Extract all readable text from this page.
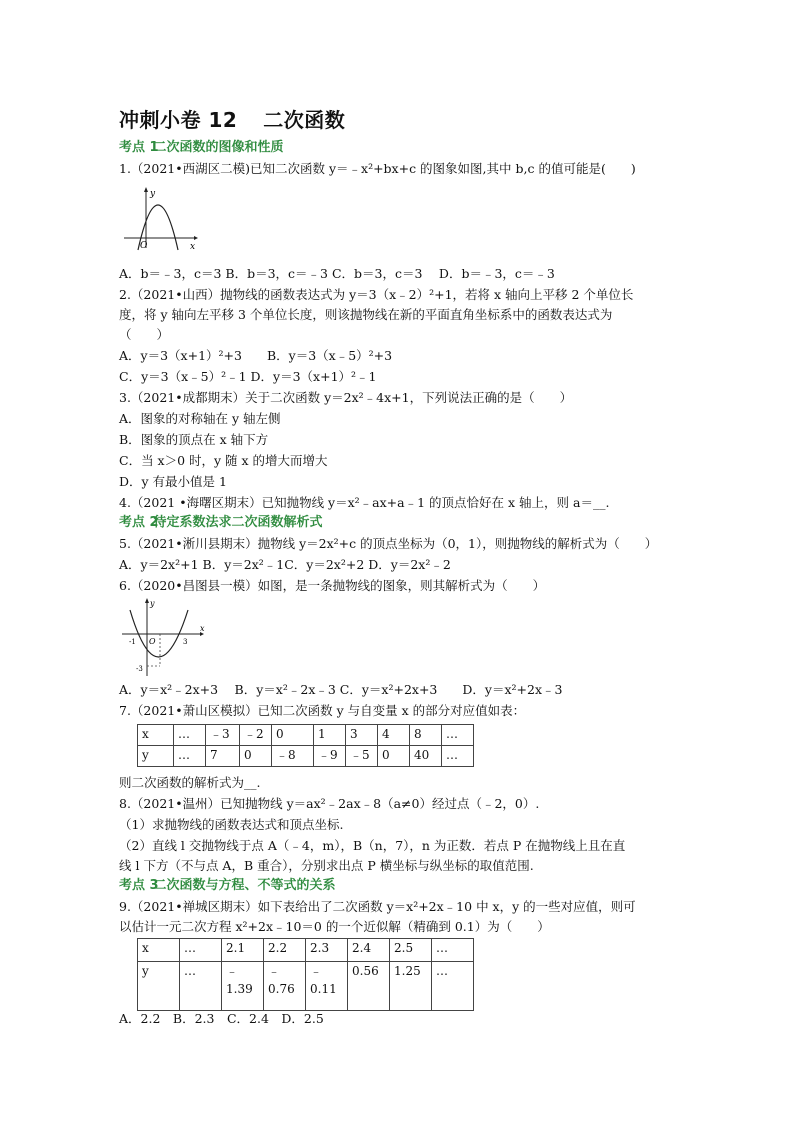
冲刺小卷 12 二次函数
考点 1 二次函数的图像和性质
1.（2021•西湖区二模)已知二次函数 y＝﹣x²+bx+c 的图象如图,其中 b,c 的值可能是(　　)
y
x
O
A．b＝﹣3，c＝3 B．b＝3，c＝﹣3 C．b＝3，c＝3　 D．b＝﹣3，c＝﹣3
2.（2021•山西）抛物线的函数表达式为 y＝3（x﹣2）²+1，若将 x 轴向上平移 2 个单位长
度，将 y 轴向左平移 3 个单位长度，则该抛物线在新的平面直角坐标系中的函数表达式为
（　　）
A．y＝3（x+1）²+3　　B．y＝3（x﹣5）²+3
C．y＝3（x﹣5）²﹣1 D．y＝3（x+1）²﹣1
3.（2021•成都期末）关于二次函数 y＝2x²﹣4x+1，下列说法正确的是（　　）
A．图象的对称轴在 y 轴左侧
B．图象的顶点在 x 轴下方
C．当 x＞0 时，y 随 x 的增大而增大
D．y 有最小值是 1
4.（2021 •海曙区期末）已知抛物线 y＝x²﹣ax+a﹣1 的顶点恰好在 x 轴上，则 a＝__.
考点 2 待定系数法求二次函数解析式
5.（2021•淅川县期末）抛物线 y＝2x²+c 的顶点坐标为（0，1），则抛物线的解析式为（　　）
A．y＝2x²+1 B．y＝2x²﹣1C．y＝2x²+2 D．y＝2x²﹣2
6.（2020•昌图县一模）如图，是一条抛物线的图象，则其解析式为（　　）
y
x
O
-1	3
-3
A．y＝x²﹣2x+3　 B．y＝x²﹣2x﹣3 C．y＝x²+2x+3　　D．y＝x²+2x﹣3
7.（2021•萧山区模拟）已知二次函数 y 与自变量 x 的部分对应值如表：
x	…	﹣3	﹣2	0	1	3	4	8	…
y	…	7	0	﹣8	﹣9	﹣5	0	40	…
则二次函数的解析式为__.
8.（2021•温州）已知抛物线 y＝ax²﹣2ax﹣8（a≠0）经过点（﹣2，0）.
（1）求抛物线的函数表达式和顶点坐标.
（2）直线 l 交抛物线于点 A（﹣4，m），B（n，7），n 为正数．若点 P 在抛物线上且在直
线 l 下方（不与点 A，B 重合），分别求出点 P 横坐标与纵坐标的取值范围.
考点 3 二次函数与方程、不等式的关系
9.（2021•禅城区期末）如下表给出了二次函数 y＝x²+2x﹣10 中 x，y 的一些对应值，则可
以估计一元二次方程 x²+2x﹣10＝0 的一个近似解（精确到 0.1）为（　　）
x	…	2.1	2.2	2.3	2.4	2.5	…
y	…	﹣
1.39	﹣
0.76	﹣
0.11	0.56	1.25	…
A．2.2　B．2.3　C．2.4　D．2.5
